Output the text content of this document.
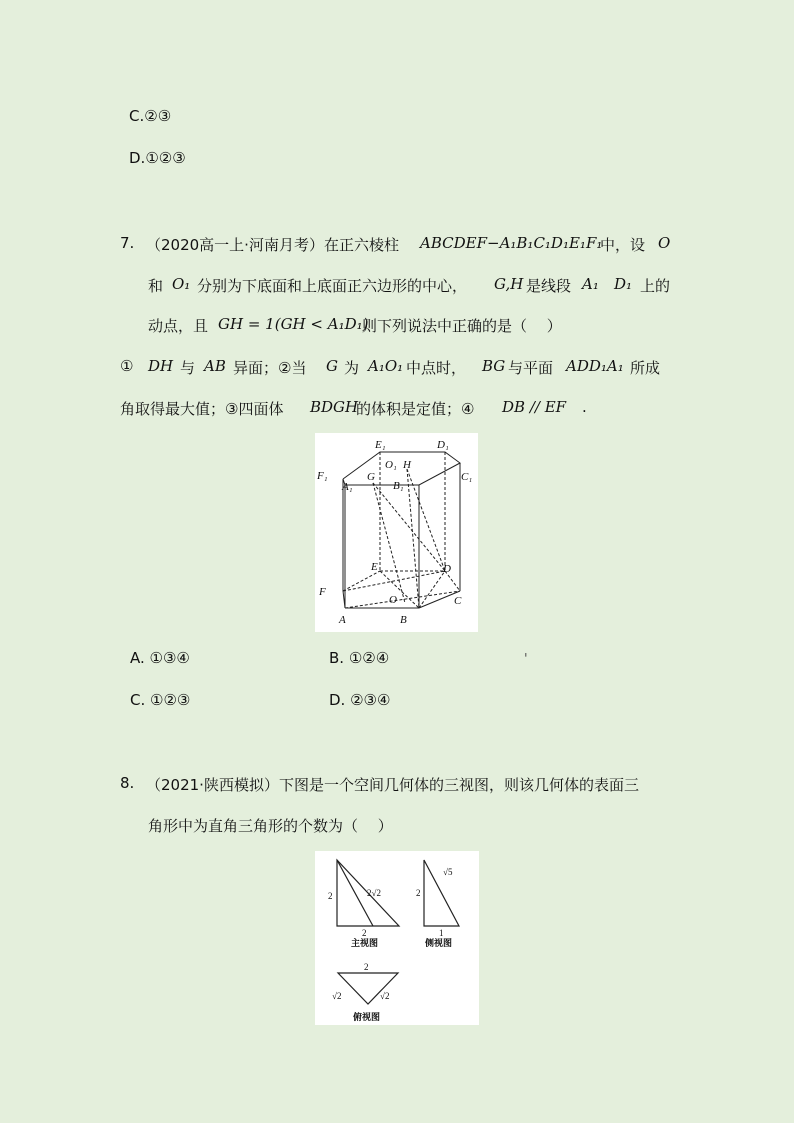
C.②③
D.①②③
7. （2020高一上·河南月考）在正六棱柱 ABCDEF−A₁B₁C₁D₁E₁F₁
中，设 O
和 O₁ 分别为下底面和上底面正六边形的中心， G,H 是线段 A₁ D₁ 上的
动点，且 GH = 1(GH < A₁D₁)
则下列说法中正确的是（　 ）
① DH 与 AB 异面；②当 G 为 A₁O₁ 中点时， BG 与平面 ADD₁A₁ 所成
角取得最大值；③四面体 BDGH
的体积是定值；④ DB // EF .
E₁	D₁
O₁ H
F₁
A₁
G
B₁
C₁
E	D
F
O	C
A	B
A. ①③④	B. ①②④	'
C. ①②③	D. ②③④
8. （2021·陕西模拟）下图是一个空间几何体的三视图，则该几何体的表面三
角形中为直角三角形的个数为（　 ）
2	2√2
2
主视图
2
√5
1
侧视图
2
√2	√2
俯视图
